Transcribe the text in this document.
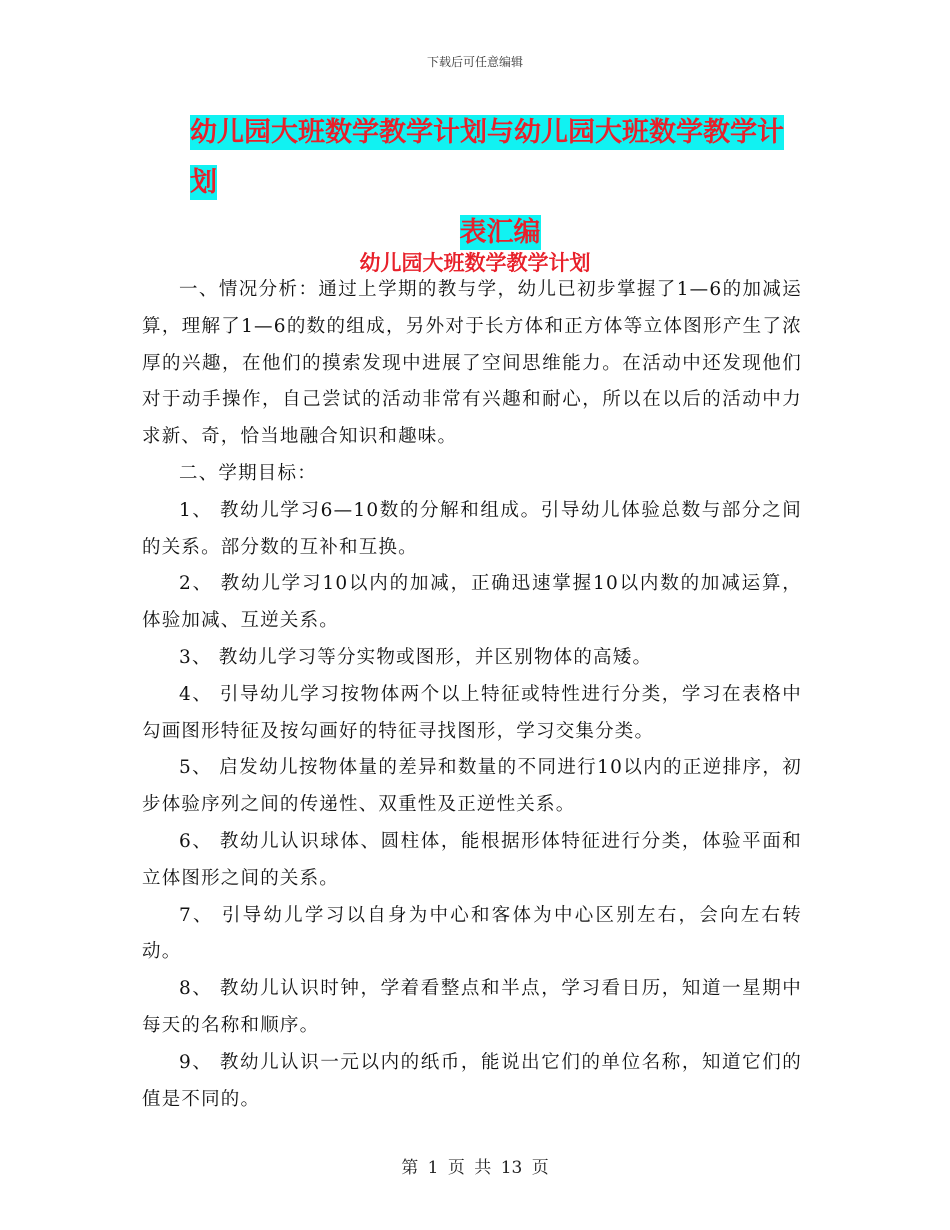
下载后可任意编辑
幼儿园大班数学教学计划与幼儿园大班数学教学计划
表汇编
幼儿园大班数学教学计划

一、情况分析：通过上学期的教与学，幼儿已初步掌握了1—6的加减运算，理解了1—6的数的组成，另外对于长方体和正方体等立体图形产生了浓厚的兴趣，在他们的摸索发现中进展了空间思维能力。在活动中还发现他们对于动手操作，自己尝试的活动非常有兴趣和耐心，所以在以后的活动中力求新、奇，恰当地融合知识和趣味。

二、学期目标：

1、 教幼儿学习6—10数的分解和组成。引导幼儿体验总数与部分之间的关系。部分数的互补和互换。

2、 教幼儿学习10以内的加减，正确迅速掌握10以内数的加减运算，体验加减、互逆关系。

3、 教幼儿学习等分实物或图形，并区别物体的高矮。

4、 引导幼儿学习按物体两个以上特征或特性进行分类，学习在表格中勾画图形特征及按勾画好的特征寻找图形，学习交集分类。

5、 启发幼儿按物体量的差异和数量的不同进行10以内的正逆排序，初步体验序列之间的传递性、双重性及正逆性关系。

6、 教幼儿认识球体、圆柱体，能根据形体特征进行分类，体验平面和立体图形之间的关系。

7、 引导幼儿学习以自身为中心和客体为中心区别左右，会向左右转动。

8、 教幼儿认识时钟，学着看整点和半点，学习看日历，知道一星期中每天的名称和顺序。

9、 教幼儿认识一元以内的纸币，能说出它们的单位名称，知道它们的值是不同的。

第 1 页 共 13 页
